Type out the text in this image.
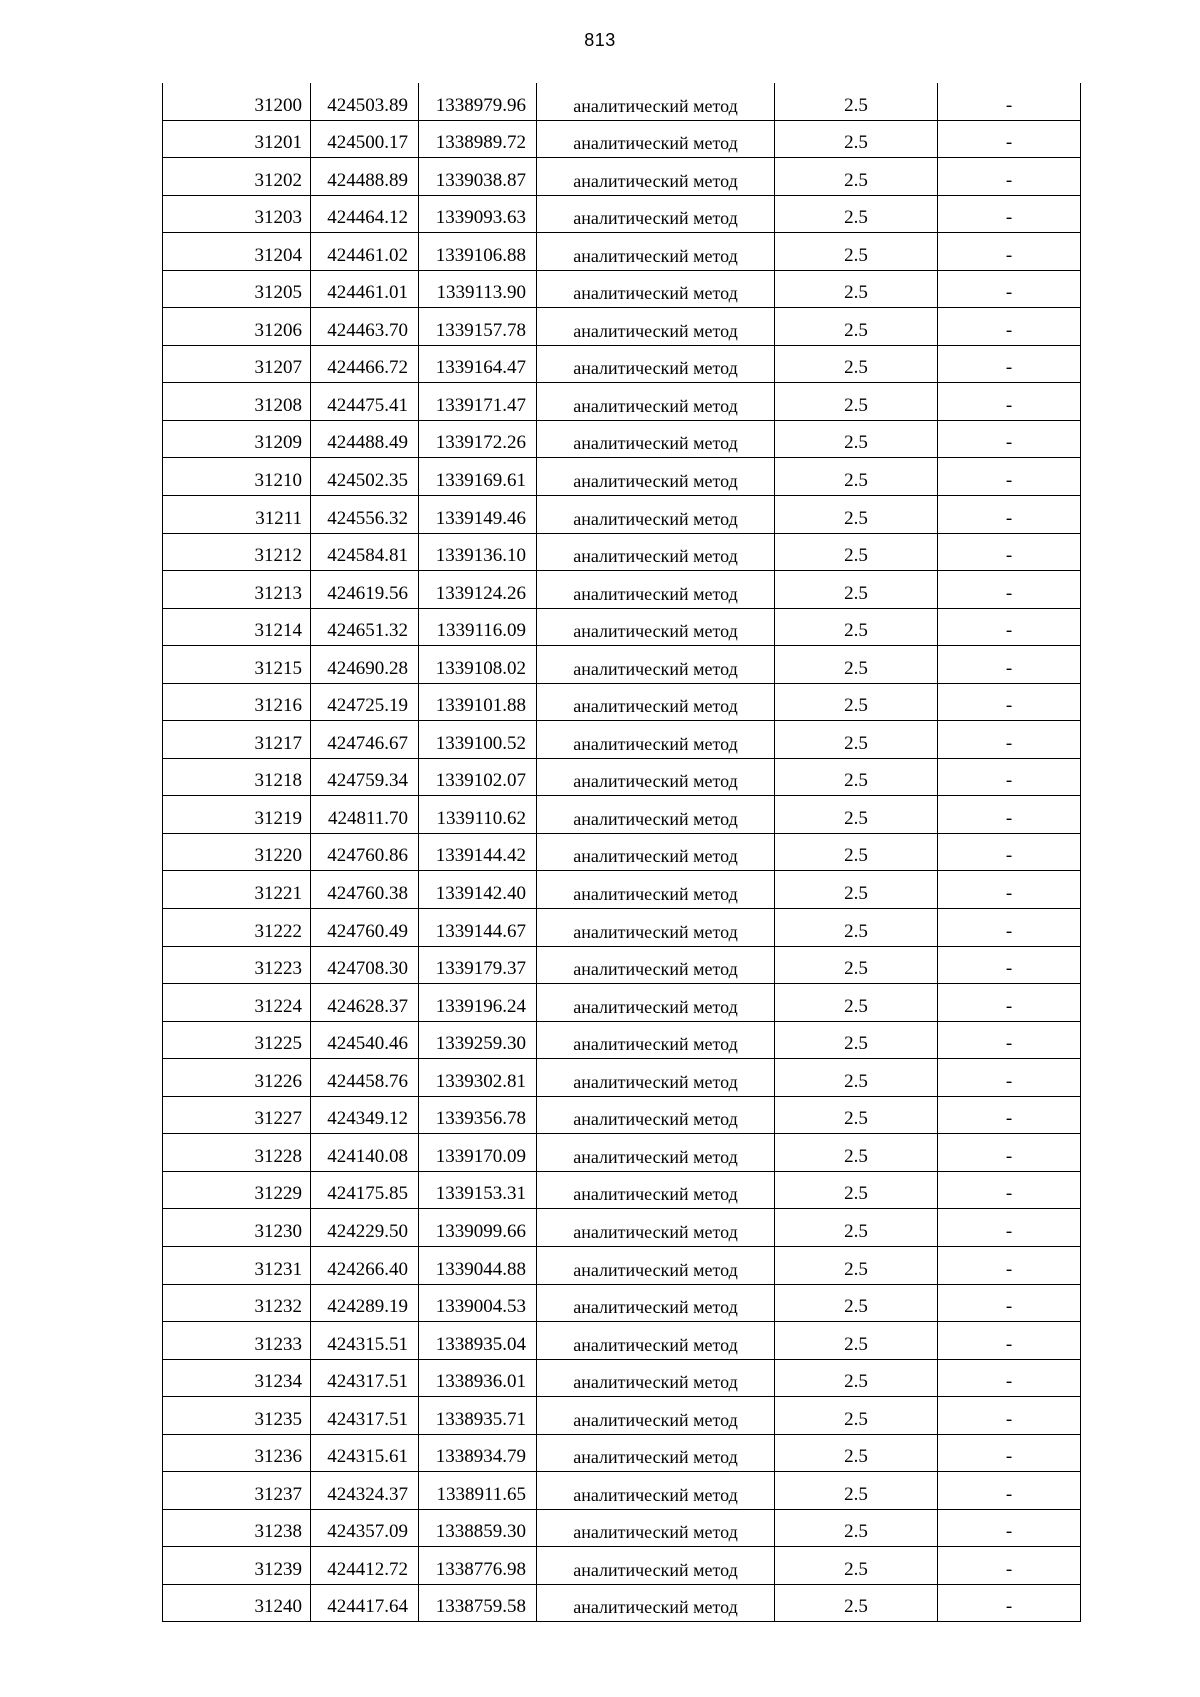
813
31200	424503.89	1338979.96	аналитический метод	2.5	-
31201	424500.17	1338989.72	аналитический метод	2.5	-
31202	424488.89	1339038.87	аналитический метод	2.5	-
31203	424464.12	1339093.63	аналитический метод	2.5	-
31204	424461.02	1339106.88	аналитический метод	2.5	-
31205	424461.01	1339113.90	аналитический метод	2.5	-
31206	424463.70	1339157.78	аналитический метод	2.5	-
31207	424466.72	1339164.47	аналитический метод	2.5	-
31208	424475.41	1339171.47	аналитический метод	2.5	-
31209	424488.49	1339172.26	аналитический метод	2.5	-
31210	424502.35	1339169.61	аналитический метод	2.5	-
31211	424556.32	1339149.46	аналитический метод	2.5	-
31212	424584.81	1339136.10	аналитический метод	2.5	-
31213	424619.56	1339124.26	аналитический метод	2.5	-
31214	424651.32	1339116.09	аналитический метод	2.5	-
31215	424690.28	1339108.02	аналитический метод	2.5	-
31216	424725.19	1339101.88	аналитический метод	2.5	-
31217	424746.67	1339100.52	аналитический метод	2.5	-
31218	424759.34	1339102.07	аналитический метод	2.5	-
31219	424811.70	1339110.62	аналитический метод	2.5	-
31220	424760.86	1339144.42	аналитический метод	2.5	-
31221	424760.38	1339142.40	аналитический метод	2.5	-
31222	424760.49	1339144.67	аналитический метод	2.5	-
31223	424708.30	1339179.37	аналитический метод	2.5	-
31224	424628.37	1339196.24	аналитический метод	2.5	-
31225	424540.46	1339259.30	аналитический метод	2.5	-
31226	424458.76	1339302.81	аналитический метод	2.5	-
31227	424349.12	1339356.78	аналитический метод	2.5	-
31228	424140.08	1339170.09	аналитический метод	2.5	-
31229	424175.85	1339153.31	аналитический метод	2.5	-
31230	424229.50	1339099.66	аналитический метод	2.5	-
31231	424266.40	1339044.88	аналитический метод	2.5	-
31232	424289.19	1339004.53	аналитический метод	2.5	-
31233	424315.51	1338935.04	аналитический метод	2.5	-
31234	424317.51	1338936.01	аналитический метод	2.5	-
31235	424317.51	1338935.71	аналитический метод	2.5	-
31236	424315.61	1338934.79	аналитический метод	2.5	-
31237	424324.37	1338911.65	аналитический метод	2.5	-
31238	424357.09	1338859.30	аналитический метод	2.5	-
31239	424412.72	1338776.98	аналитический метод	2.5	-
31240	424417.64	1338759.58	аналитический метод	2.5	-
